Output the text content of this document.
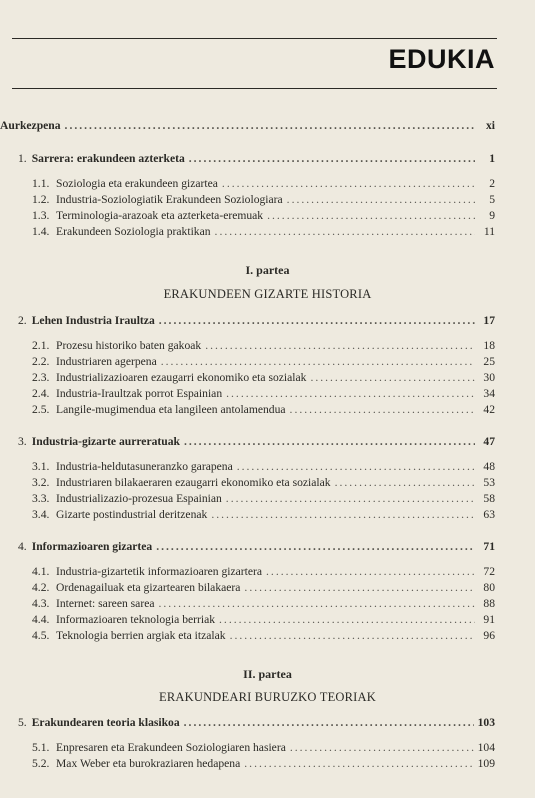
EDUKIA
Aurkezpena .....	xi
1. Sarrera: erakundeen azterketa .....	1
1.1. Soziologia eta erakundeen gizartea .....	2
1.2. Industria-Soziologiatik Erakundeen Soziologiara .....	5
1.3. Terminologia-arazoak eta azterketa-eremuak .....	9
1.4. Erakundeen Soziologia praktikan .....	11
I. partea
ERAKUNDEEN GIZARTE HISTORIA
2. Lehen Industria Iraultza .....	17
2.1. Prozesu historiko baten gakoak .....	18
2.2. Industriaren agerpena .....	25
2.3. Industrializazioaren ezaugarri ekonomiko eta sozialak .....	30
2.4. Industria-Iraultzak porrot Espainian .....	34
2.5. Langile-mugimendua eta langileen antolamendua .....	42
3. Industria-gizarte aurreratuak .....	47
3.1. Industria-heldutasuneranzko garapena .....	48
3.2. Industriaren bilakaeraren ezaugarri ekonomiko eta sozialak .....	53
3.3. Industrializazio-prozesua Espainian .....	58
3.4. Gizarte postindustrial deritzenak .....	63
4. Informazioaren gizartea .....	71
4.1. Industria-gizartetik informazioaren gizartera .....	72
4.2. Ordenagailuak eta gizartearen bilakaera .....	80
4.3. Internet: sareen sarea .....	88
4.4. Informazioaren teknologia berriak .....	91
4.5. Teknologia berrien argiak eta itzalak .....	96
II. partea
ERAKUNDEARI BURUZKO TEORIAK
5. Erakundearen teoria klasikoa .....	103
5.1. Enpresaren eta Erakundeen Soziologiaren hasiera .....	104
5.2. Max Weber eta burokraziaren hedapena .....	109
